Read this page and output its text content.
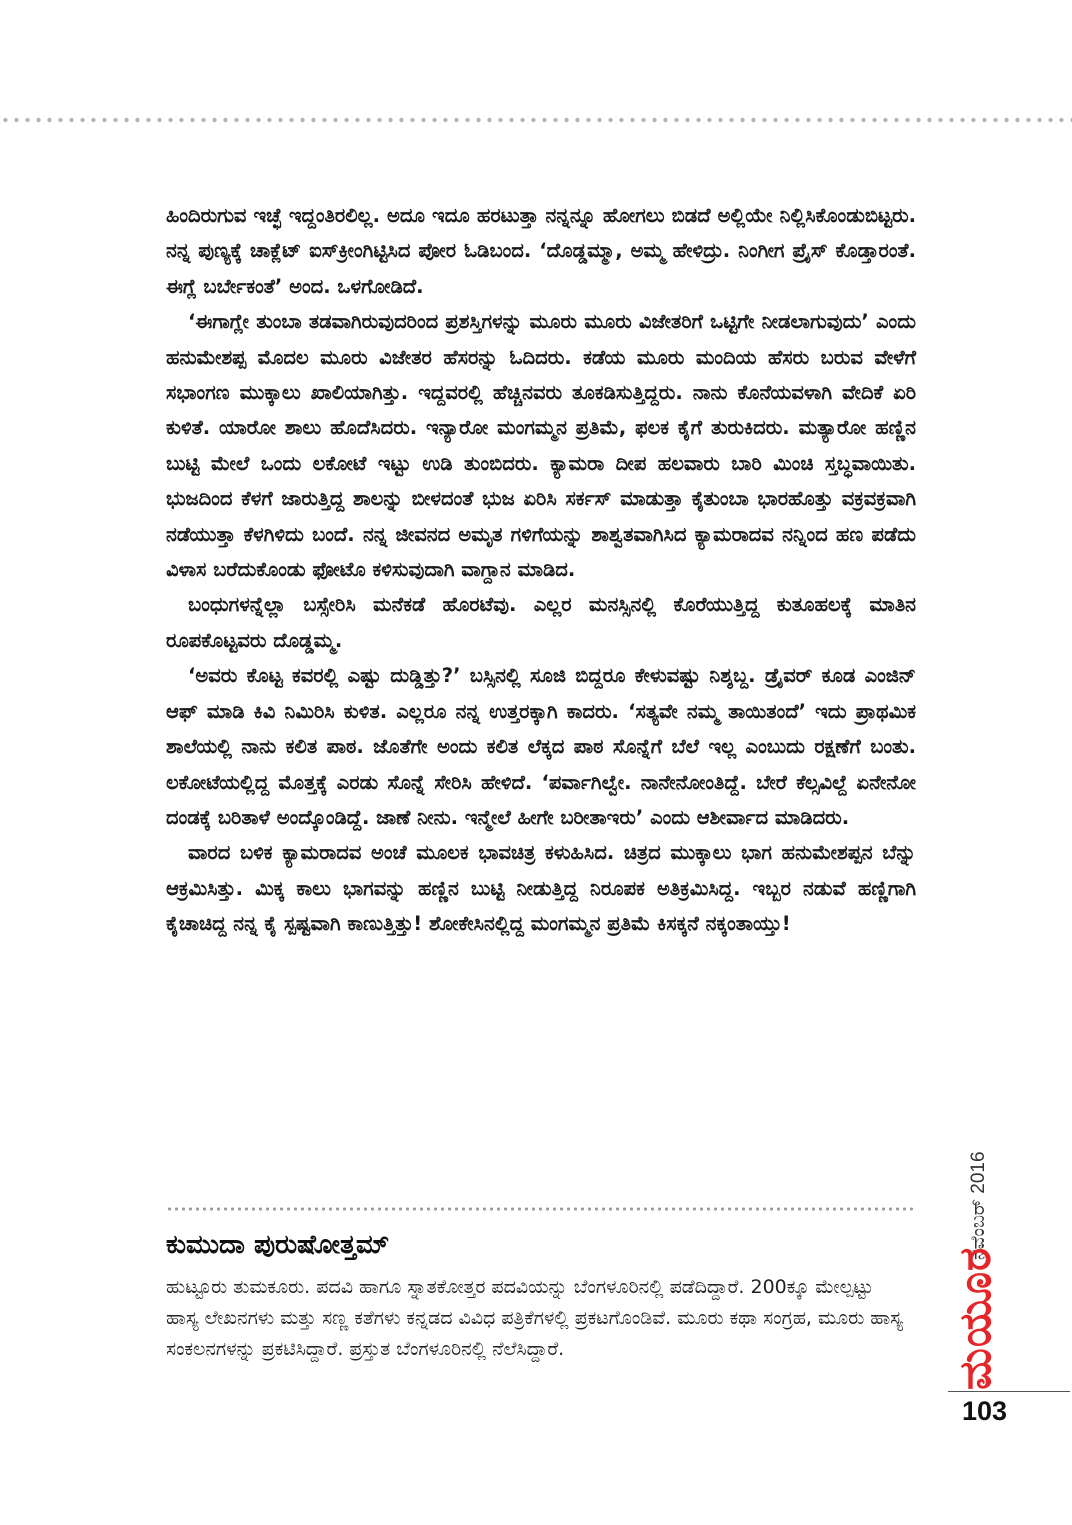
ಹಿಂದಿರುಗುವ ಇಚ್ಛೆ ಇದ್ದಂತಿರಲಿಲ್ಲ. ಅದೂ ಇದೂ ಹರಟುತ್ತಾ ನನ್ನನ್ನೂ ಹೋಗಲು ಬಿಡದೆ ಅಲ್ಲಿಯೇ ನಿಲ್ಲಿಸಿಕೊಂಡುಬಿಟ್ಟರು. ನನ್ನ ಪುಣ್ಯಕ್ಕೆ ಚಾಕ್ಲೆಟ್ ಐಸ್‌ಕ್ರೀಂಗಿಟ್ಟಿಸಿದ ಪೋರ ಓಡಿಬಂದ. ‘ದೊಡ್ಡಮ್ಮಾ, ಅಮ್ಮ ಹೇಳಿದ್ರು. ನಿಂಗೀಗ ಪ್ರೈಸ್ ಕೊಡ್ತಾರಂತೆ. ಈಗ್ಲೆ ಬರ್ಬೇಕಂತೆ’ ಅಂದ. ಒಳಗೋಡಿದೆ.

‘ಈಗಾಗ್ಲೇ ತುಂಬಾ ತಡವಾಗಿರುವುದರಿಂದ ಪ್ರಶಸ್ತಿಗಳನ್ನು ಮೂರು ಮೂರು ವಿಜೇತರಿಗೆ ಒಟ್ಟಿಗೇ ನೀಡಲಾಗುವುದು’ ಎಂದು ಹನುಮೇಶಪ್ಪ ಮೊದಲ ಮೂರು ವಿಜೇತರ ಹೆಸರನ್ನು ಓದಿದರು. ಕಡೆಯ ಮೂರು ಮಂದಿಯ ಹೆಸರು ಬರುವ ವೇಳೆಗೆ ಸಭಾಂಗಣ ಮುಕ್ಕಾಲು ಖಾಲಿಯಾಗಿತ್ತು. ಇದ್ದವರಲ್ಲಿ ಹೆಚ್ಚಿನವರು ತೂಕಡಿಸುತ್ತಿದ್ದರು. ನಾನು ಕೊನೆಯವಳಾಗಿ ವೇದಿಕೆ ಏರಿ ಕುಳಿತೆ. ಯಾರೋ ಶಾಲು ಹೊದೆಸಿದರು. ಇನ್ಯಾರೋ ಮಂಗಮ್ಮನ ಪ್ರತಿಮೆ, ಫಲಕ ಕೈಗೆ ತುರುಕಿದರು. ಮತ್ಯಾರೋ ಹಣ್ಣಿನ ಬುಟ್ಟಿ ಮೇಲೆ ಒಂದು ಲಕೋಟೆ ಇಟ್ಟು ಉಡಿ ತುಂಬಿದರು. ಕ್ಯಾಮರಾ ದೀಪ ಹಲವಾರು ಬಾರಿ ಮಿಂಚಿ ಸ್ತಬ್ಧವಾಯಿತು. ಭುಜದಿಂದ ಕೆಳಗೆ ಜಾರುತ್ತಿದ್ದ ಶಾಲನ್ನು ಬೀಳದಂತೆ ಭುಜ ಏರಿಸಿ ಸರ್ಕಸ್ ಮಾಡುತ್ತಾ ಕೈತುಂಬಾ ಭಾರಹೊತ್ತು ವಕ್ರವಕ್ರವಾಗಿ ನಡೆಯುತ್ತಾ ಕೆಳಗಿಳಿದು ಬಂದೆ. ನನ್ನ ಜೀವನದ ಅಮೃತ ಗಳಿಗೆಯನ್ನು ಶಾಶ್ವತವಾಗಿಸಿದ ಕ್ಯಾಮರಾದವ ನನ್ನಿಂದ ಹಣ ಪಡೆದು ವಿಳಾಸ ಬರೆದುಕೊಂಡು ಫೋಟೊ ಕಳಿಸುವುದಾಗಿ ವಾಗ್ದಾನ ಮಾಡಿದ.

ಬಂಧುಗಳನ್ನೆಲ್ಲಾ ಬಸ್ಸೇರಿಸಿ ಮನೆಕಡೆ ಹೊರಟೆವು. ಎಲ್ಲರ ಮನಸ್ಸಿನಲ್ಲಿ ಕೊರೆಯುತ್ತಿದ್ದ ಕುತೂಹಲಕ್ಕೆ ಮಾತಿನ ರೂಪಕೊಟ್ಟವರು ದೊಡ್ಡಮ್ಮ.

‘ಅವರು ಕೊಟ್ಟ ಕವರಲ್ಲಿ ಎಷ್ಟು ದುಡ್ಡಿತ್ತು?’ ಬಸ್ಸಿನಲ್ಲಿ ಸೂಜಿ ಬಿದ್ದರೂ ಕೇಳುವಷ್ಟು ನಿಶ್ಶಬ್ದ. ಡ್ರೈವರ್ ಕೂಡ ಎಂಜಿನ್ ಆಫ್ ಮಾಡಿ ಕಿವಿ ನಿಮಿರಿಸಿ ಕುಳಿತ. ಎಲ್ಲರೂ ನನ್ನ ಉತ್ತರಕ್ಕಾಗಿ ಕಾದರು. ‘ಸತ್ಯವೇ ನಮ್ಮ ತಾಯಿತಂದೆ’ ಇದು ಪ್ರಾಥಮಿಕ ಶಾಲೆಯಲ್ಲಿ ನಾನು ಕಲಿತ ಪಾಠ. ಜೊತೆಗೇ ಅಂದು ಕಲಿತ ಲೆಕ್ಕದ ಪಾಠ ಸೊನ್ನೆಗೆ ಬೆಲೆ ಇಲ್ಲ ಎಂಬುದು ರಕ್ಷಣೆಗೆ ಬಂತು. ಲಕೋಟೆಯಲ್ಲಿದ್ದ ಮೊತ್ತಕ್ಕೆ ಎರಡು ಸೊನ್ನೆ ಸೇರಿಸಿ ಹೇಳಿದೆ. ‘ಪರ್ವಾಗಿಲ್ವೇ. ನಾನೇನೋಂತಿದ್ದೆ. ಬೇರೆ ಕೆಲ್ಸವಿಲ್ದೆ ಏನೇನೋ ದಂಡಕ್ಕೆ ಬರಿತಾಳೆ ಅಂದ್ಕೊಂಡಿದ್ದೆ. ಜಾಣೆ ನೀನು. ಇನ್ಮೇಲೆ ಹೀಗೇ ಬರೀತಾಇರು’ ಎಂದು ಆಶೀರ್ವಾದ ಮಾಡಿದರು.

ವಾರದ ಬಳಿಕ ಕ್ಯಾಮರಾದವ ಅಂಚೆ ಮೂಲಕ ಭಾವಚಿತ್ರ ಕಳುಹಿಸಿದ. ಚಿತ್ರದ ಮುಕ್ಕಾಲು ಭಾಗ ಹನುಮೇಶಪ್ಪನ ಬೆನ್ನು ಆಕ್ರಮಿಸಿತ್ತು. ಮಿಕ್ಕ ಕಾಲು ಭಾಗವನ್ನು ಹಣ್ಣಿನ ಬುಟ್ಟಿ ನೀಡುತ್ತಿದ್ದ ನಿರೂಪಕ ಅತಿಕ್ರಮಿಸಿದ್ದ. ಇಬ್ಬರ ನಡುವೆ ಹಣ್ಣಿಗಾಗಿ ಕೈಚಾಚಿದ್ದ ನನ್ನ ಕೈ ಸ್ಪಷ್ಟವಾಗಿ ಕಾಣುತ್ತಿತ್ತು! ಶೋಕೇಸಿನಲ್ಲಿದ್ದ ಮಂಗಮ್ಮನ ಪ್ರತಿಮೆ ಕಿಸಕ್ಕನೆ ನಕ್ಕಂತಾಯ್ತು!

ಕುಮುದಾ ಪುರುಷೋತ್ತಮ್

ಹುಟ್ಟೂರು ತುಮಕೂರು. ಪದವಿ ಹಾಗೂ ಸ್ನಾತಕೋತ್ತರ ಪದವಿಯನ್ನು ಬೆಂಗಳೂರಿನಲ್ಲಿ ಪಡೆದಿದ್ದಾರೆ. 200ಕ್ಕೂ ಮೇಲ್ಪಟ್ಟು ಹಾಸ್ಯ ಲೇಖನಗಳು ಮತ್ತು ಸಣ್ಣ ಕತೆಗಳು ಕನ್ನಡದ ವಿವಿಧ ಪತ್ರಿಕೆಗಳಲ್ಲಿ ಪ್ರಕಟಗೊಂಡಿವೆ. ಮೂರು ಕಥಾ ಸಂಗ್ರಹ, ಮೂರು ಹಾಸ್ಯ ಸಂಕಲನಗಳನ್ನು ಪ್ರಕಟಿಸಿದ್ದಾರೆ. ಪ್ರಸ್ತುತ ಬೆಂಗಳೂರಿನಲ್ಲಿ ನೆಲೆಸಿದ್ದಾರೆ.

ನವೆಂಬರ್ 2016
ಮಯೂರ
103
